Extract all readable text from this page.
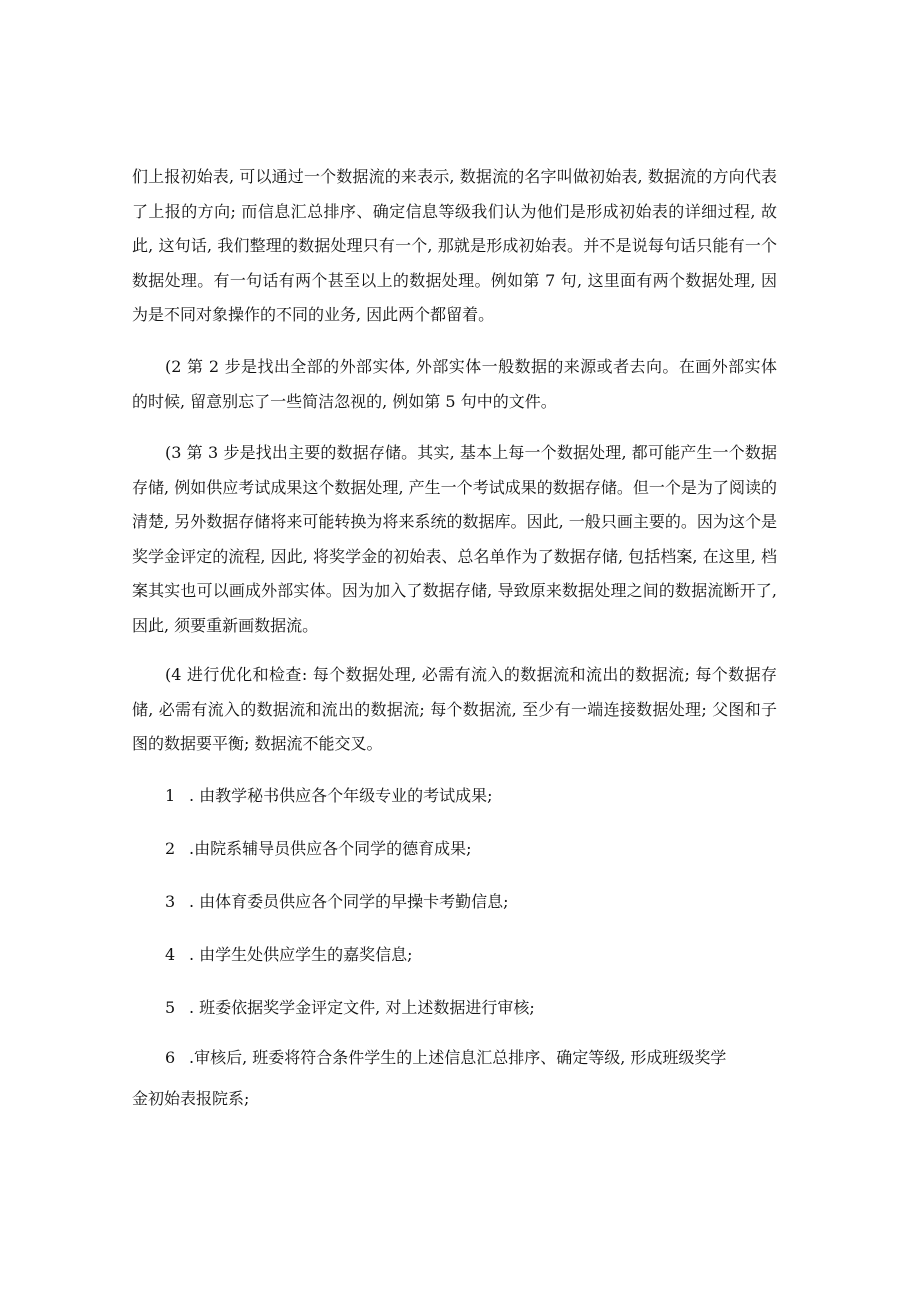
们上报初始表, 可以通过一个数据流的来表示, 数据流的名字叫做初始表, 数据流的方向代表了上报的方向; 而信息汇总排序、确定信息等级我们认为他们是形成初始表的详细过程, 故此, 这句话, 我们整理的数据处理只有一个, 那就是形成初始表。并不是说每句话只能有一个数据处理。有一句话有两个甚至以上的数据处理。例如第 7 句, 这里面有两个数据处理, 因为是不同对象操作的不同的业务, 因此两个都留着。

(2 第 2 步是找出全部的外部实体, 外部实体一般数据的来源或者去向。在画外部实体的时候, 留意别忘了一些简洁忽视的, 例如第 5 句中的文件。

(3 第 3 步是找出主要的数据存储。其实, 基本上每一个数据处理, 都可能产生一个数据存储, 例如供应考试成果这个数据处理, 产生一个考试成果的数据存储。但一个是为了阅读的清楚, 另外数据存储将来可能转换为将来系统的数据库。因此, 一般只画主要的。因为这个是奖学金评定的流程, 因此, 将奖学金的初始表、总名单作为了数据存储, 包括档案, 在这里, 档案其实也可以画成外部实体。因为加入了数据存储, 导致原来数据处理之间的数据流断开了, 因此, 须要重新画数据流。

(4 进行优化和检查: 每个数据处理, 必需有流入的数据流和流出的数据流; 每个数据存储, 必需有流入的数据流和流出的数据流; 每个数据流, 至少有一端连接数据处理; 父图和子图的数据要平衡; 数据流不能交叉。

1 . 由教学秘书供应各个年级专业的考试成果;

2 .由院系辅导员供应各个同学的德育成果;

3 . 由体育委员供应各个同学的早操卡考勤信息;

4 . 由学生处供应学生的嘉奖信息;

5 . 班委依据奖学金评定文件, 对上述数据进行审核;

6 .审核后, 班委将符合条件学生的上述信息汇总排序、确定等级, 形成班级奖学

金初始表报院系;
